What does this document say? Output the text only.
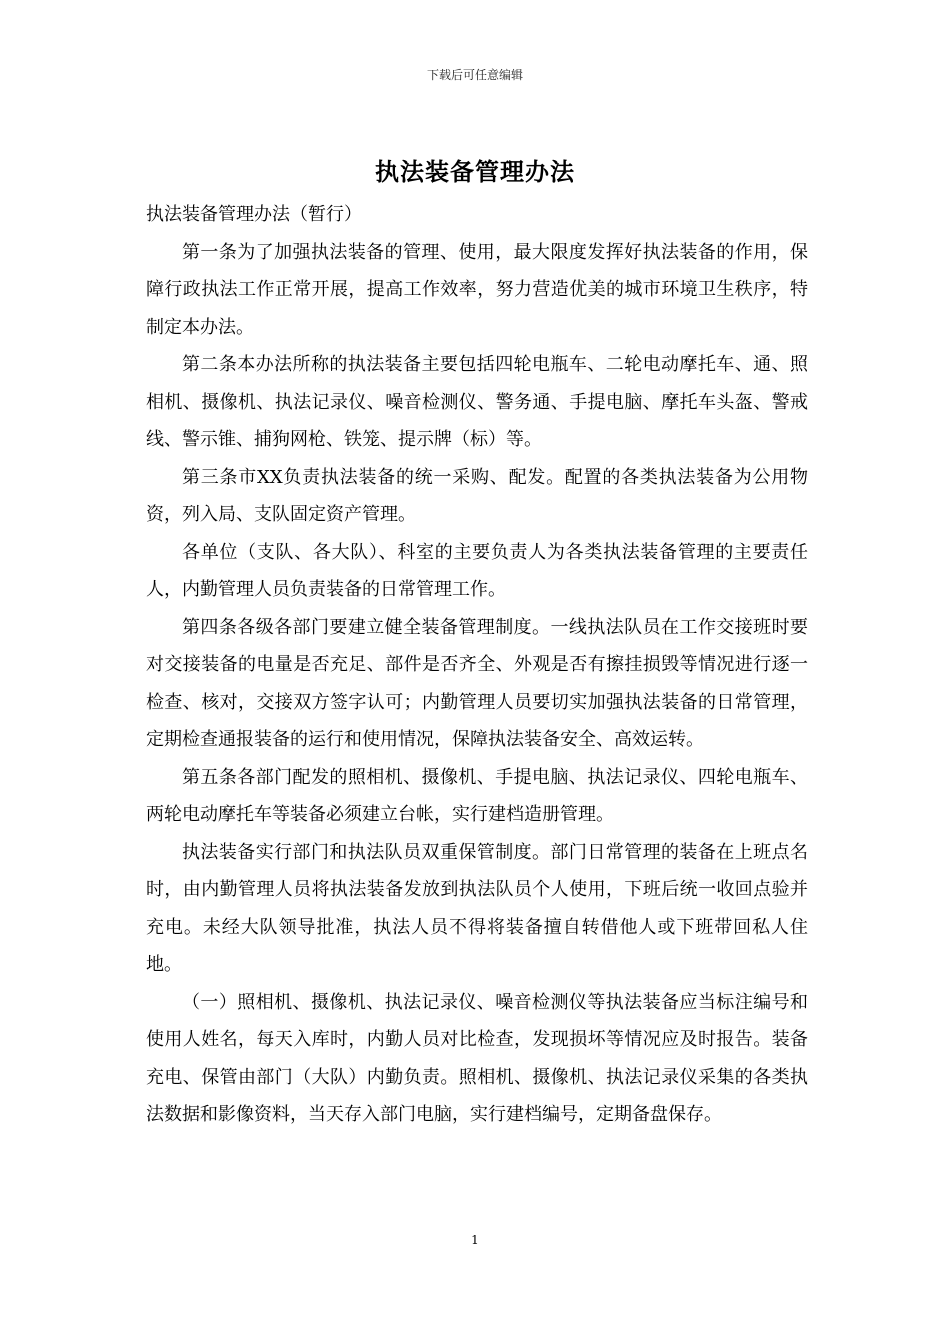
下载后可任意编辑
执法装备管理办法

执法装备管理办法（暂行）

第一条为了加强执法装备的管理、使用，最大限度发挥好执法装备的作用，保障行政执法工作正常开展，提高工作效率，努力营造优美的城市环境卫生秩序，特制定本办法。

第二条本办法所称的执法装备主要包括四轮电瓶车、二轮电动摩托车、通、照相机、摄像机、执法记录仪、噪音检测仪、警务通、手提电脑、摩托车头盔、警戒线、警示锥、捕狗网枪、铁笼、提示牌（标）等。

第三条市XX负责执法装备的统一采购、配发。配置的各类执法装备为公用物资，列入局、支队固定资产管理。

各单位（支队、各大队）、科室的主要负责人为各类执法装备管理的主要责任人，内勤管理人员负责装备的日常管理工作。

第四条各级各部门要建立健全装备管理制度。一线执法队员在工作交接班时要对交接装备的电量是否充足、部件是否齐全、外观是否有擦挂损毁等情况进行逐一检查、核对，交接双方签字认可；内勤管理人员要切实加强执法装备的日常管理，定期检查通报装备的运行和使用情况，保障执法装备安全、高效运转。

第五条各部门配发的照相机、摄像机、手提电脑、执法记录仪、四轮电瓶车、两轮电动摩托车等装备必须建立台帐，实行建档造册管理。

执法装备实行部门和执法队员双重保管制度。部门日常管理的装备在上班点名时，由内勤管理人员将执法装备发放到执法队员个人使用，下班后统一收回点验并充电。未经大队领导批准，执法人员不得将装备擅自转借他人或下班带回私人住地。

（一）照相机、摄像机、执法记录仪、噪音检测仪等执法装备应当标注编号和使用人姓名，每天入库时，内勤人员对比检查，发现损坏等情况应及时报告。装备充电、保管由部门（大队）内勤负责。照相机、摄像机、执法记录仪采集的各类执法数据和影像资料，当天存入部门电脑，实行建档编号，定期备盘保存。

1
